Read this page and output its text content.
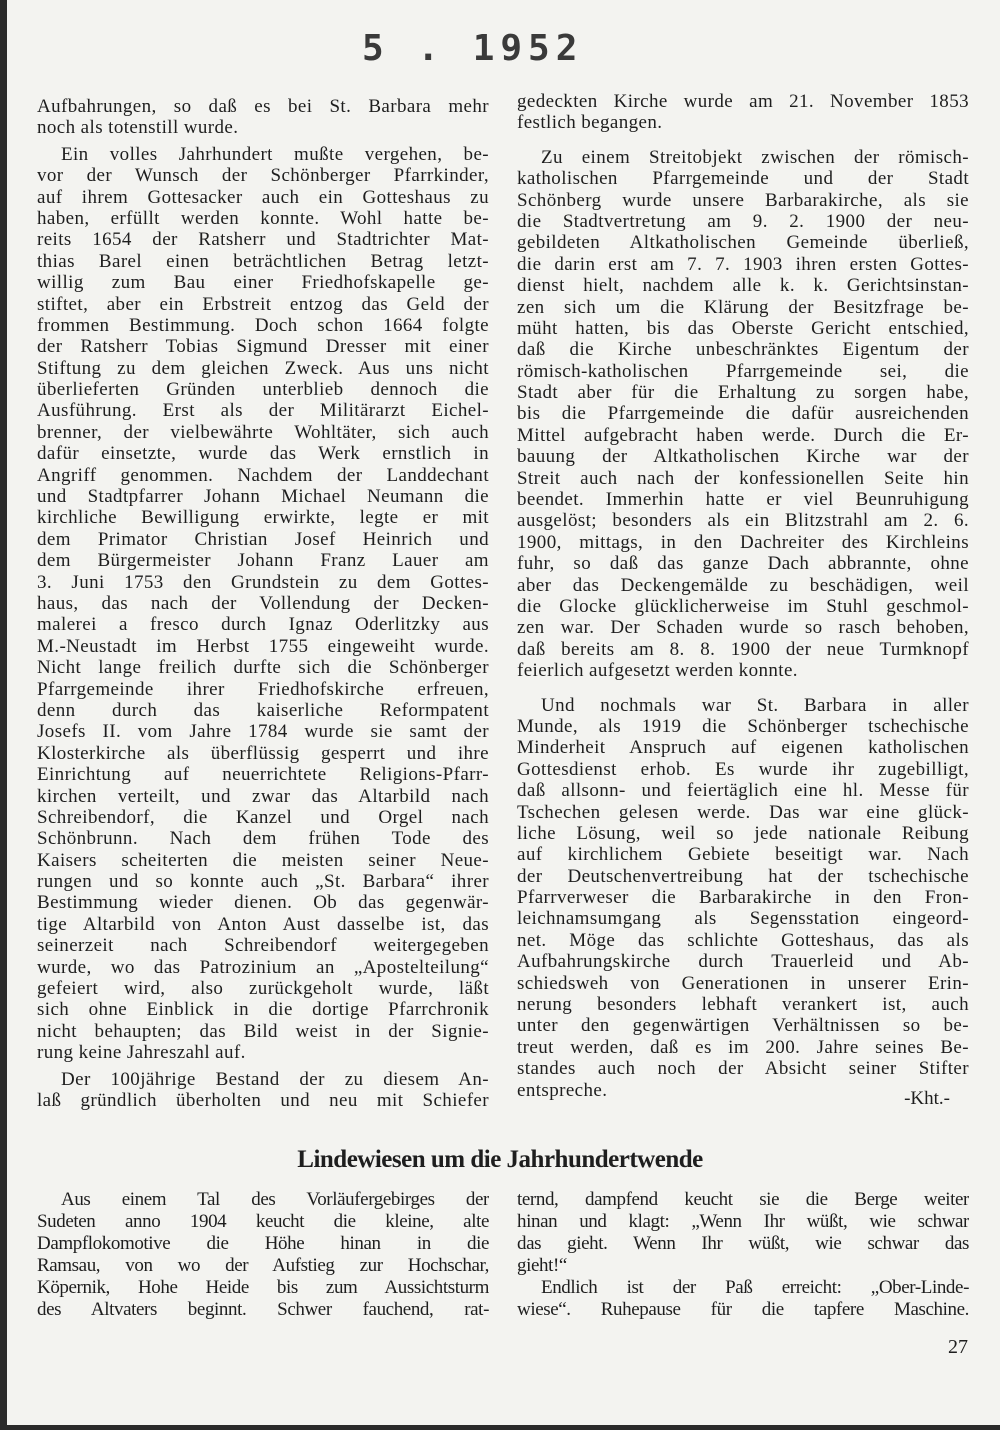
5 . 1952
Aufbahrungen, so daß es bei St. Barbara mehr
noch als totenstill wurde.
Ein volles Jahrhundert mußte vergehen, be-
vor der Wunsch der Schönberger Pfarrkinder,
auf ihrem Gottesacker auch ein Gotteshaus zu
haben, erfüllt werden konnte. Wohl hatte be-
reits 1654 der Ratsherr und Stadtrichter Mat-
thias Barel einen beträchtlichen Betrag letzt-
willig zum Bau einer Friedhofskapelle ge-
stiftet, aber ein Erbstreit entzog das Geld der
frommen Bestimmung. Doch schon 1664 folgte
der Ratsherr Tobias Sigmund Dresser mit einer
Stiftung zu dem gleichen Zweck. Aus uns nicht
überlieferten Gründen unterblieb dennoch die
Ausführung. Erst als der Militärarzt Eichel-
brenner, der vielbewährte Wohltäter, sich auch
dafür einsetzte, wurde das Werk ernstlich in
Angriff genommen. Nachdem der Landdechant
und Stadtpfarrer Johann Michael Neumann die
kirchliche Bewilligung erwirkte, legte er mit
dem Primator Christian Josef Heinrich und
dem Bürgermeister Johann Franz Lauer am
3. Juni 1753 den Grundstein zu dem Gottes-
haus, das nach der Vollendung der Decken-
malerei a fresco durch Ignaz Oderlitzky aus
M.-Neustadt im Herbst 1755 eingeweiht wurde.
Nicht lange freilich durfte sich die Schönberger
Pfarrgemeinde ihrer Friedhofskirche erfreuen,
denn durch das kaiserliche Reformpatent
Josefs II. vom Jahre 1784 wurde sie samt der
Klosterkirche als überflüssig gesperrt und ihre
Einrichtung auf neuerrichtete Religions-Pfarr-
kirchen verteilt, und zwar das Altarbild nach
Schreibendorf, die Kanzel und Orgel nach
Schönbrunn. Nach dem frühen Tode des
Kaisers scheiterten die meisten seiner Neue-
rungen und so konnte auch „St. Barbara“ ihrer
Bestimmung wieder dienen. Ob das gegenwär-
tige Altarbild von Anton Aust dasselbe ist, das
seinerzeit nach Schreibendorf weitergegeben
wurde, wo das Patrozinium an „Apostelteilung“
gefeiert wird, also zurückgeholt wurde, läßt
sich ohne Einblick in die dortige Pfarrchronik
nicht behaupten; das Bild weist in der Signie-
rung keine Jahreszahl auf.
Der 100jährige Bestand der zu diesem An-
laß gründlich überholten und neu mit Schiefer
gedeckten Kirche wurde am 21. November 1853
festlich begangen.
Zu einem Streitobjekt zwischen der römisch-
katholischen Pfarrgemeinde und der Stadt
Schönberg wurde unsere Barbarakirche, als sie
die Stadtvertretung am 9. 2. 1900 der neu-
gebildeten Altkatholischen Gemeinde überließ,
die darin erst am 7. 7. 1903 ihren ersten Gottes-
dienst hielt, nachdem alle k. k. Gerichtsinstan-
zen sich um die Klärung der Besitzfrage be-
müht hatten, bis das Oberste Gericht entschied,
daß die Kirche unbeschränktes Eigentum der
römisch-katholischen Pfarrgemeinde sei, die
Stadt aber für die Erhaltung zu sorgen habe,
bis die Pfarrgemeinde die dafür ausreichenden
Mittel aufgebracht haben werde. Durch die Er-
bauung der Altkatholischen Kirche war der
Streit auch nach der konfessionellen Seite hin
beendet. Immerhin hatte er viel Beunruhigung
ausgelöst; besonders als ein Blitzstrahl am 2. 6.
1900, mittags, in den Dachreiter des Kirchleins
fuhr, so daß das ganze Dach abbrannte, ohne
aber das Deckengemälde zu beschädigen, weil
die Glocke glücklicherweise im Stuhl geschmol-
zen war. Der Schaden wurde so rasch behoben,
daß bereits am 8. 8. 1900 der neue Turmknopf
feierlich aufgesetzt werden konnte.
Und nochmals war St. Barbara in aller
Munde, als 1919 die Schönberger tschechische
Minderheit Anspruch auf eigenen katholischen
Gottesdienst erhob. Es wurde ihr zugebilligt,
daß allsonn- und feiertäglich eine hl. Messe für
Tschechen gelesen werde. Das war eine glück-
liche Lösung, weil so jede nationale Reibung
auf kirchlichem Gebiete beseitigt war. Nach
der Deutschenvertreibung hat der tschechische
Pfarrverweser die Barbarakirche in den Fron-
leichnamsumgang als Segensstation eingeord-
net. Möge das schlichte Gotteshaus, das als
Aufbahrungskirche durch Trauerleid und Ab-
schiedsweh von Generationen in unserer Erin-
nerung besonders lebhaft verankert ist, auch
unter den gegenwärtigen Verhältnissen so be-
treut werden, daß es im 200. Jahre seines Be-
standes auch noch der Absicht seiner Stifter
entspreche.	-Kht.-
Lindewiesen um die Jahrhundertwende
Aus einem Tal des Vorläufergebirges der
Sudeten anno 1904 keucht die kleine, alte
Dampflokomotive die Höhe hinan in die
Ramsau, von wo der Aufstieg zur Hochschar,
Köpernik, Hohe Heide bis zum Aussichtsturm
des Altvaters beginnt. Schwer fauchend, rat-
ternd, dampfend keucht sie die Berge weiter
hinan und klagt: „Wenn Ihr wüßt, wie schwar
das gieht. Wenn Ihr wüßt, wie schwar das
gieht!“
Endlich ist der Paß erreicht: „Ober-Linde-
wiese“. Ruhepause für die tapfere Maschine.
27
